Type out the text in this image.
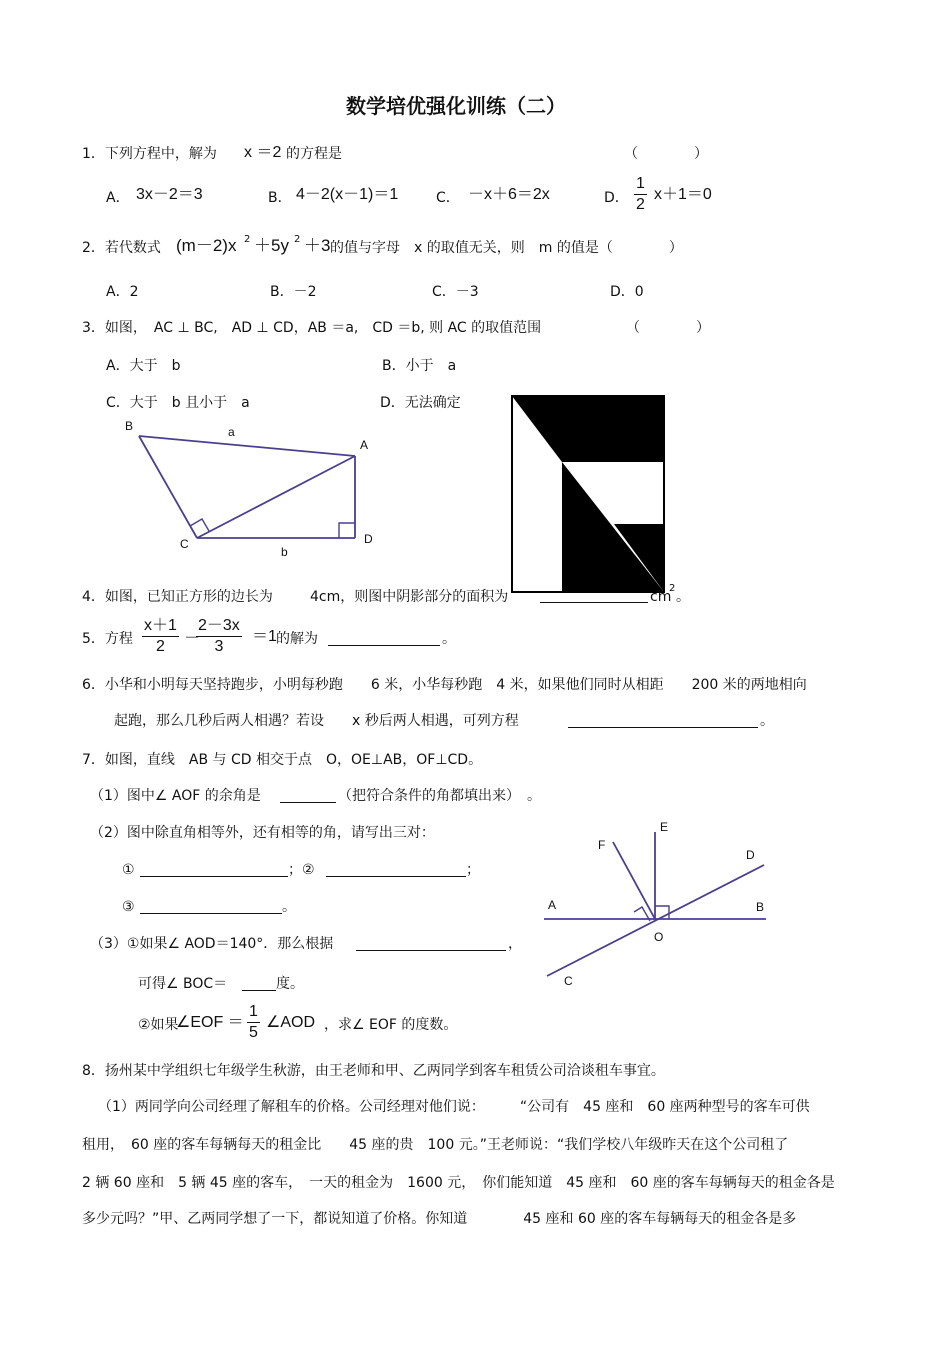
数学培优强化训练（二）
1．下列方程中，解为 x ＝2 的方程是	（　　　　）
A． 3x－2＝3	B． 4－2(x－1)＝1	C． －x＋6＝2x	D．
1
2
x＋1＝0
2．若代数式 (m－2)x 2 ＋5y 2 ＋3 的值与字母　x 的取值无关，则　m 的值是（　　　　）
A．2	B．－2	C．－3	D．0
3．如图，　AC ⊥ BC,　AD ⊥ CD，AB ＝a,　CD ＝b, 则 AC 的取值范围	（　　　　）
A．大于　b	B．小于　a
C．大于　b 且小于　a	D．无法确定
B	a
A
C
b
D
4．如图，已知正方形的边长为	4cm，则图中阴影部分的面积为	cm
2
。
5．方程
x＋1
2	－
2－3x
3
＝1 的解为	。
6．小华和小明每天坚持跑步，小明每秒跑　　6 米，小华每秒跑　4 米，如果他们同时从相距　　200 米的两地相向
起跑，那么几秒后两人相遇？若设　　x 秒后两人相遇，可列方程	。
7．如图，直线　AB 与 CD 相交于点　O，OE⊥AB，OF⊥CD。
（1）图中∠ AOF 的余角是	（把符合条件的角都填出来）　。
（2）图中除直角相等外，还有相等的角，请写出三对：
①	；②	；
③	。
（3）①如果∠ AOD＝140°．那么根据	，
可得∠ BOC＝	度。
②如果
∠EOF ＝
1
5
∠AOD ，求∠ EOF 的度数。
E
F
D
A	B
O
C
8．扬州某中学组织七年级学生秋游，由王老师和甲、乙两同学到客车租赁公司洽谈租车事宜。
（1）两同学向公司经理了解租车的价格。公司经理对他们说：　　　“公司有　45 座和　60 座两种型号的客车可供
租用，　60 座的客车每辆每天的租金比　　45 座的贵　100 元。”王老师说：“我们学校八年级昨天在这个公司租了
2 辆 60 座和　5 辆 45 座的客车，　一天的租金为　1600 元，　你们能知道　45 座和　60 座的客车每辆每天的租金各是
多少元吗？”甲、乙两同学想了一下，都说知道了价格。你知道　　　　45 座和 60 座的客车每辆每天的租金各是多
